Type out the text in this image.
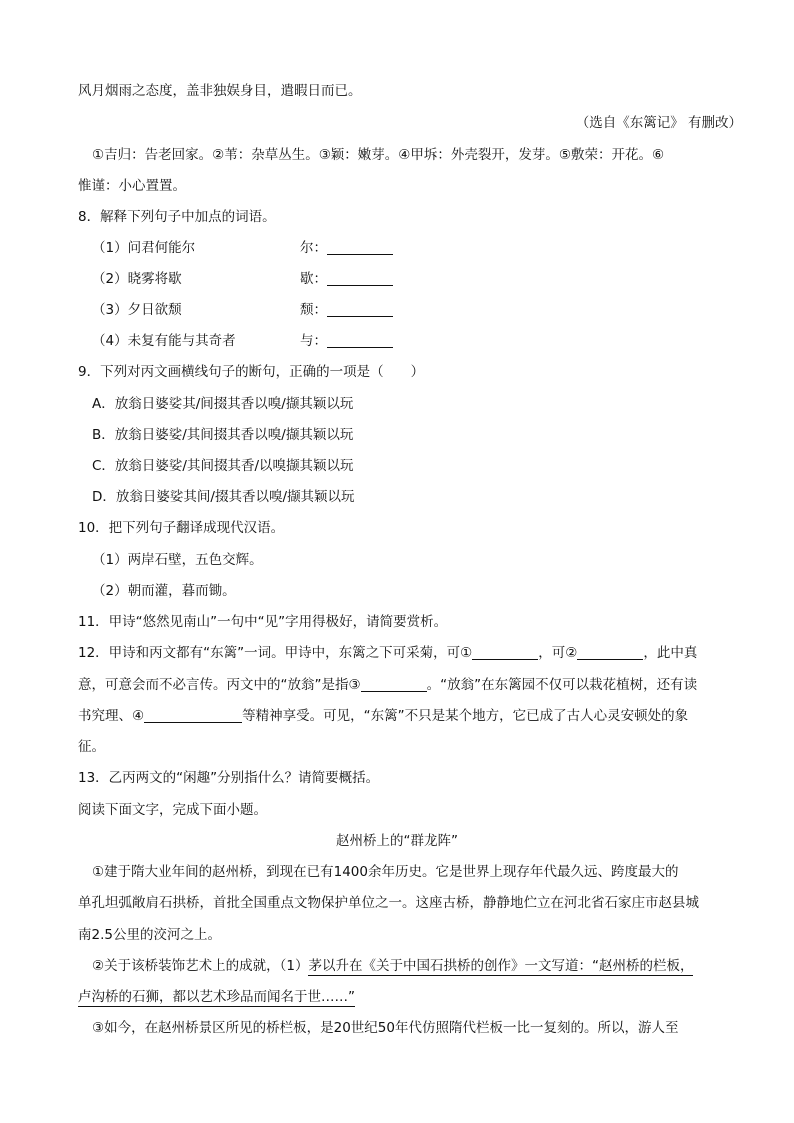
风月烟雨之态度，盖非独娱身目，遣暇日而已。
（选自《东篱记》 有删改）
①吉归：告老回家。②苇：杂草丛生。③颖：嫩芽。④甲坼：外壳裂开，发芽。⑤敷荣：开花。⑥
惟谨：小心置置。
8．解释下列句子中加点的词语。
（1）问君何能尔	尔：
（2）晓雾将歇	歇：
（3）夕日欲颓	颓：
（4）未复有能与其奇者	与：
9．下列对丙文画横线句子的断句，正确的一项是（　　）
A．放翁日婆娑其/间掇其香以嗅/撷其颖以玩
B．放翁日婆娑/其间掇其香以嗅/撷其颖以玩
C．放翁日婆娑/其间掇其香/以嗅撷其颖以玩
D．放翁日婆娑其间/掇其香以嗅/撷其颖以玩
10．把下列句子翻译成现代汉语。
（1）两岸石壁，五色交辉。
（2）朝而灌，暮而锄。
11．甲诗“悠然见南山”一句中“见”字用得极好，请简要赏析。
12．甲诗和丙文都有“东篱”一词。甲诗中，东篱之下可采菊，可①	，可②	，此中真
意，可意会而不必言传。丙文中的“放翁”是指③	。“放翁”在东篱园不仅可以栽花植树，还有读
书究理、④	等精神享受。可见，“东篱”不只是某个地方，它已成了古人心灵安顿处的象
征。
13．乙丙两文的“闲趣”分别指什么？请简要概括。
阅读下面文字，完成下面小题。
赵州桥上的“群龙阵”
①建于隋大业年间的赵州桥，到现在已有1400余年历史。它是世界上现存年代最久远、跨度最大的
单孔坦弧敞肩石拱桥，首批全国重点文物保护单位之一。这座古桥，静静地伫立在河北省石家庄市赵县城
南2.5公里的洨河之上。
②关于该桥装饰艺术上的成就，（1）茅以升在《关于中国石拱桥的创作》一文写道：“赵州桥的栏板，
卢沟桥的石狮，都以艺术珍品而闻名于世……”
③如今，在赵州桥景区所见的桥栏板，是20世纪50年代仿照隋代栏板一比一复刻的。所以，游人至
